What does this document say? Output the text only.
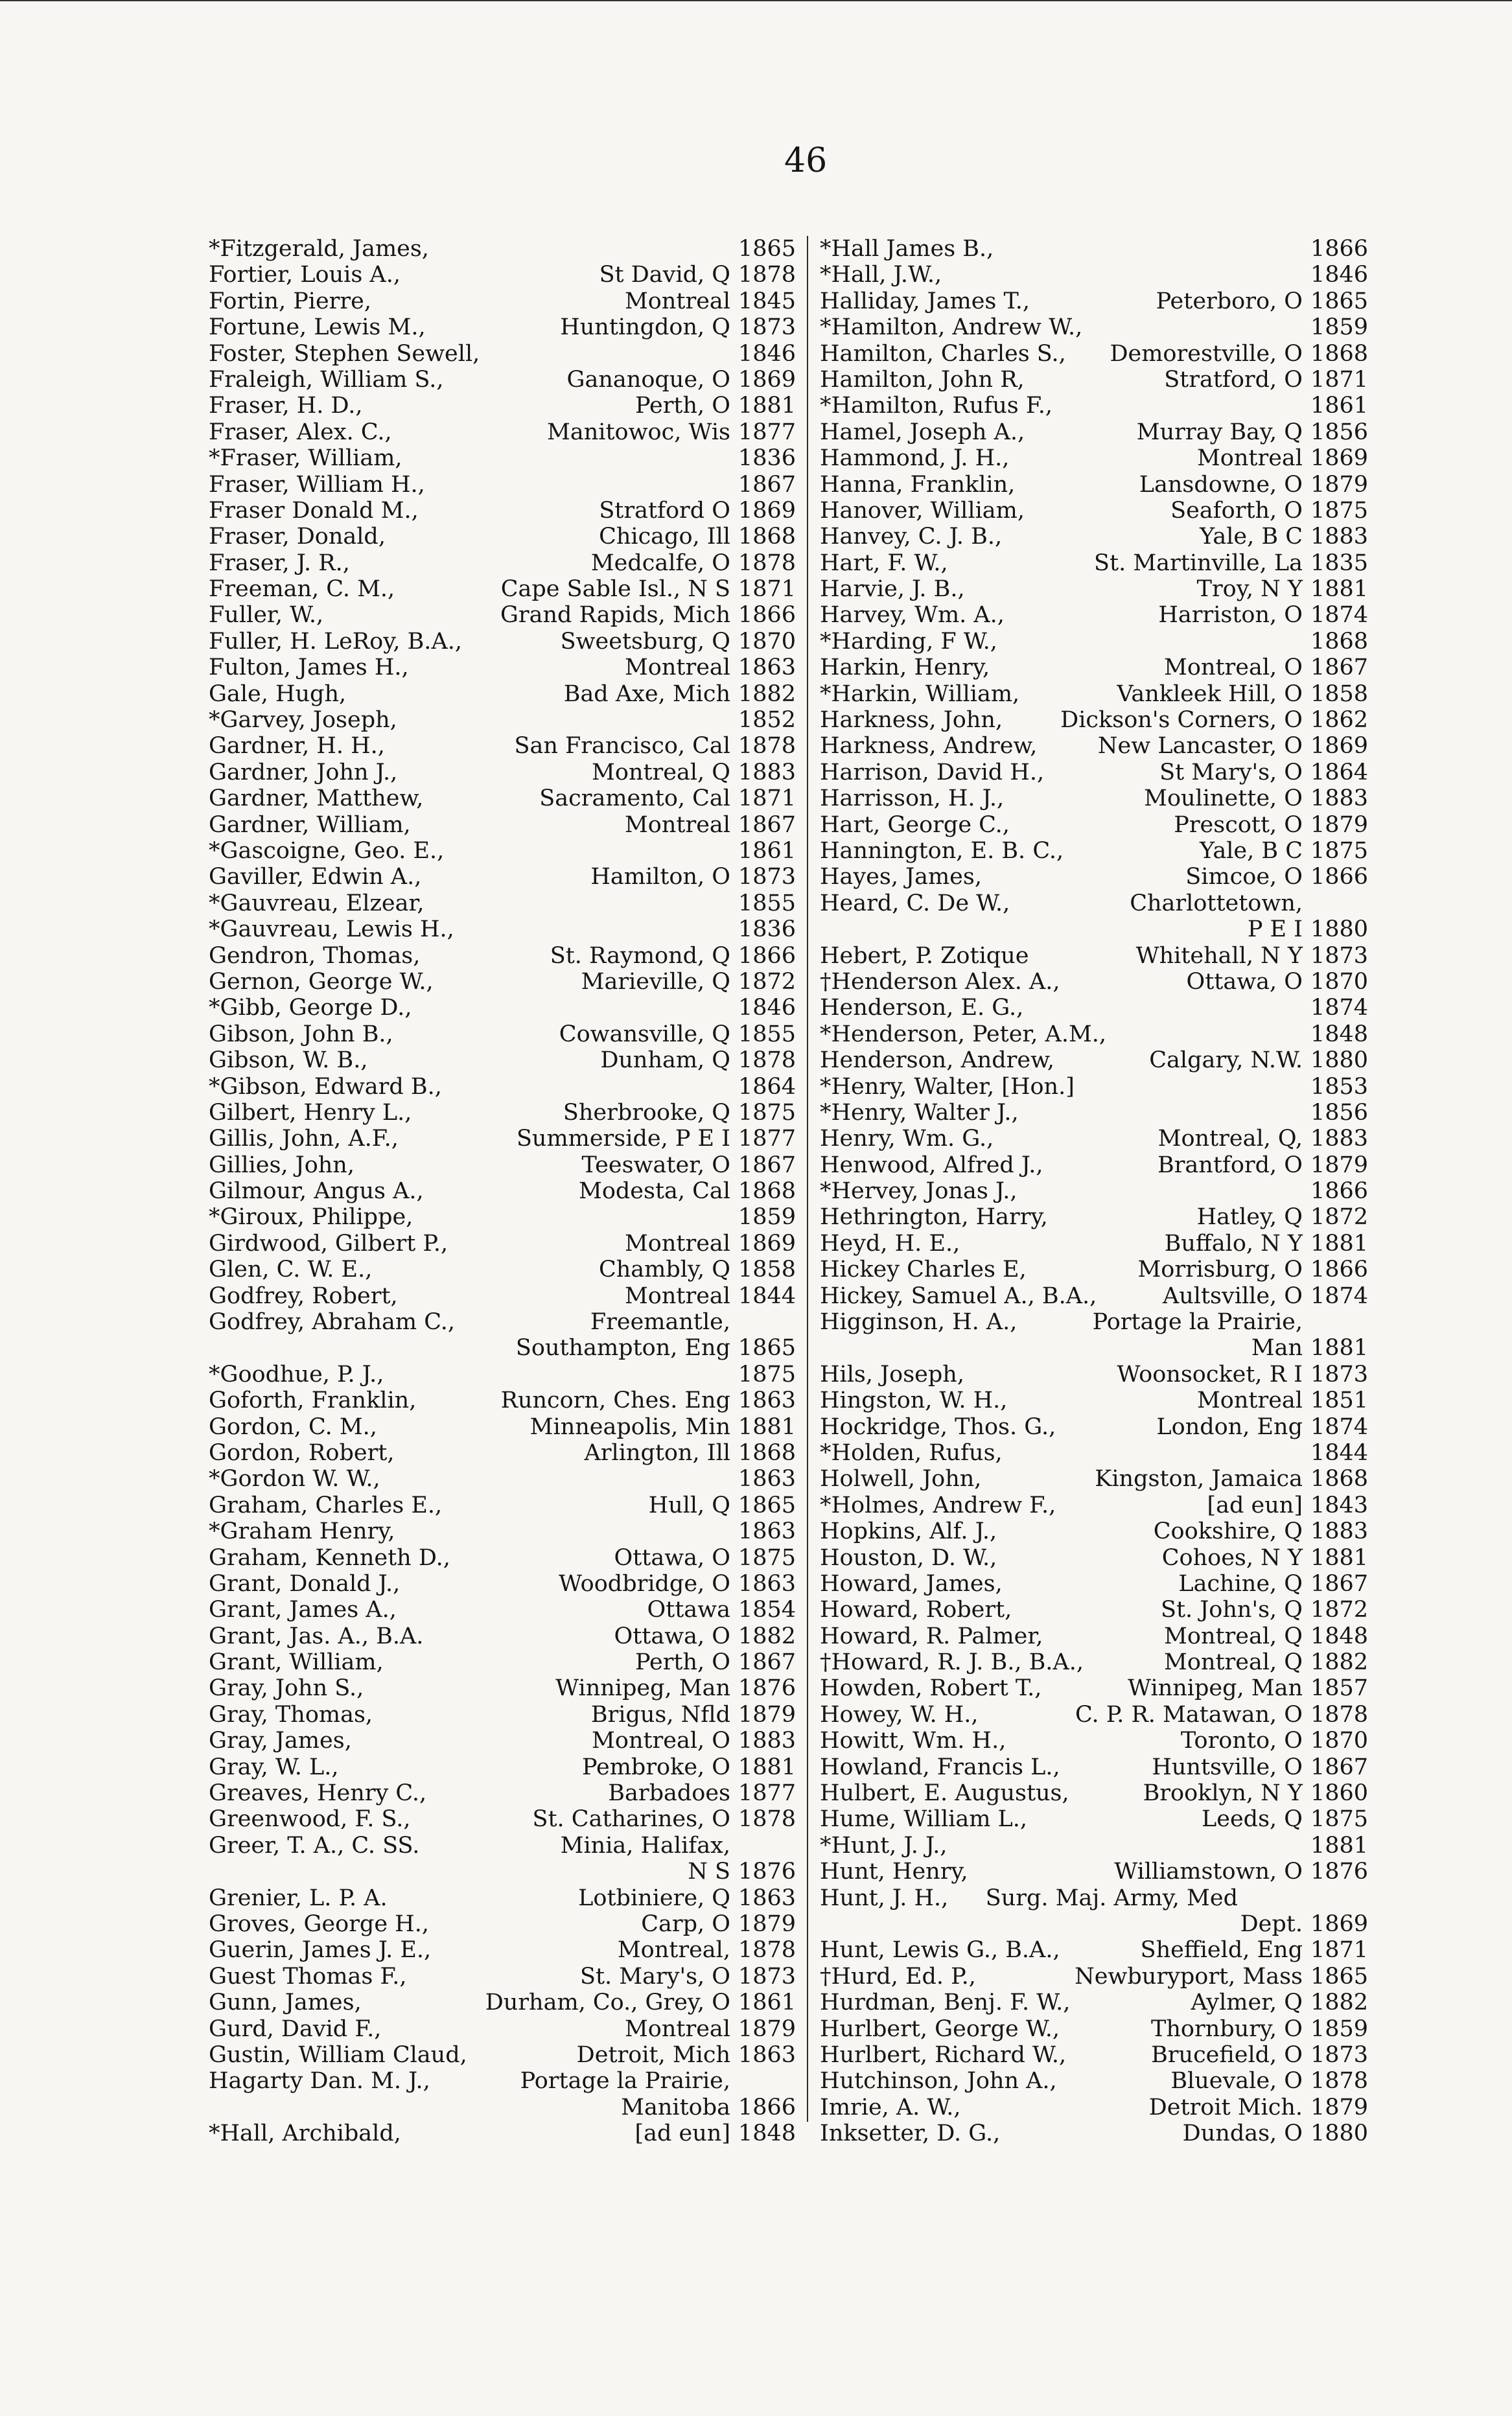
46
*Fitzgerald, James,	1865
Fortier, Louis A.,	St David, Q 1878
Fortin, Pierre,	Montreal 1845
Fortune, Lewis M.,	Huntingdon, Q 1873
Foster, Stephen Sewell,	1846
Fraleigh, William S.,	Gananoque, O 1869
Fraser, H. D.,	Perth, O 1881
Fraser, Alex. C.,	Manitowoc, Wis 1877
*Fraser, William,	1836
Fraser, William H.,	1867
Fraser Donald M.,	Stratford O 1869
Fraser, Donald,	Chicago, Ill 1868
Fraser, J. R.,	Medcalfe, O 1878
Freeman, C. M.,	Cape Sable Isl., N S 1871
Fuller, W.,	Grand Rapids, Mich 1866
Fuller, H. LeRoy, B.A.,	Sweetsburg, Q 1870
Fulton, James H.,	Montreal 1863
Gale, Hugh,	Bad Axe, Mich 1882
*Garvey, Joseph,	1852
Gardner, H. H.,	San Francisco, Cal 1878
Gardner, John J.,	Montreal, Q 1883
Gardner, Matthew,	Sacramento, Cal 1871
Gardner, William,	Montreal 1867
*Gascoigne, Geo. E.,	1861
Gaviller, Edwin A.,	Hamilton, O 1873
*Gauvreau, Elzear,	1855
*Gauvreau, Lewis H.,	1836
Gendron, Thomas,	St. Raymond, Q 1866
Gernon, George W.,	Marieville, Q 1872
*Gibb, George D.,	1846
Gibson, John B.,	Cowansville, Q 1855
Gibson, W. B.,	Dunham, Q 1878
*Gibson, Edward B.,	1864
Gilbert, Henry L.,	Sherbrooke, Q 1875
Gillis, John, A.F.,	Summerside, P E I 1877
Gillies, John,	Teeswater, O 1867
Gilmour, Angus A.,	Modesta, Cal 1868
*Giroux, Philippe,	1859
Girdwood, Gilbert P.,	Montreal 1869
Glen, C. W. E.,	Chambly, Q 1858
Godfrey, Robert,	Montreal 1844
Godfrey, Abraham C.,	Freemantle,
Southampton, Eng 1865
*Goodhue, P. J.,	1875
Goforth, Franklin,	Runcorn, Ches. Eng 1863
Gordon, C. M.,	Minneapolis, Min 1881
Gordon, Robert,	Arlington, Ill 1868
*Gordon W. W.,	1863
Graham, Charles E.,	Hull, Q 1865
*Graham Henry,	1863
Graham, Kenneth D.,	Ottawa, O 1875
Grant, Donald J.,	Woodbridge, O 1863
Grant, James A.,	Ottawa 1854
Grant, Jas. A., B.A.	Ottawa, O 1882
Grant, William,	Perth, O 1867
Gray, John S.,	Winnipeg, Man 1876
Gray, Thomas,	Brigus, Nfld 1879
Gray, James,	Montreal, O 1883
Gray, W. L.,	Pembroke, O 1881
Greaves, Henry C.,	Barbadoes 1877
Greenwood, F. S.,	St. Catharines, O 1878
Greer, T. A., C. SS.	Minia, Halifax,
N S 1876
Grenier, L. P. A.	Lotbiniere, Q 1863
Groves, George H.,	Carp, O 1879
Guerin, James J. E.,	Montreal, 1878
Guest Thomas F.,	St. Mary's, O 1873
Gunn, James,	Durham, Co., Grey, O 1861
Gurd, David F.,	Montreal 1879
Gustin, William Claud,	Detroit, Mich 1863
Hagarty Dan. M. J.,	Portage la Prairie,
Manitoba 1866
*Hall, Archibald,	[ad eun] 1848
*Hall James B.,	1866
*Hall, J.W.,	1846
Halliday, James T.,	Peterboro, O 1865
*Hamilton, Andrew W.,	1859
Hamilton, Charles S., Demorestville, O 1868
Hamilton, John R,	Stratford, O 1871
*Hamilton, Rufus F.,	1861
Hamel, Joseph A.,	Murray Bay, Q 1856
Hammond, J. H.,	Montreal 1869
Hanna, Franklin,	Lansdowne, O 1879
Hanover, William,	Seaforth, O 1875
Hanvey, C. J. B.,	Yale, B C 1883
Hart, F. W.,	St. Martinville, La 1835
Harvie, J. B.,	Troy, N Y 1881
Harvey, Wm. A.,	Harriston, O 1874
*Harding, F W.,	1868
Harkin, Henry,	Montreal, O 1867
*Harkin, William,	Vankleek Hill, O 1858
Harkness, John,	Dickson's Corners, O 1862
Harkness, Andrew,	New Lancaster, O 1869
Harrison, David H.,	St Mary's, O 1864
Harrisson, H. J.,	Moulinette, O 1883
Hart, George C.,	Prescott, O 1879
Hannington, E. B. C.,	Yale, B C 1875
Hayes, James,	Simcoe, O 1866
Heard, C. De W.,	Charlottetown,
P E I 1880
Hebert, P. Zotique	Whitehall, N Y 1873
†Henderson Alex. A.,	Ottawa, O 1870
Henderson, E. G.,	1874
*Henderson, Peter, A.M.,	1848
Henderson, Andrew,	Calgary, N.W. 1880
*Henry, Walter, [Hon.]	1853
*Henry, Walter J.,	1856
Henry, Wm. G.,	Montreal, Q, 1883
Henwood, Alfred J.,	Brantford, O 1879
*Hervey, Jonas J.,	1866
Hethrington, Harry,	Hatley, Q 1872
Heyd, H. E.,	Buffalo, N Y 1881
Hickey Charles E,	Morrisburg, O 1866
Hickey, Samuel A., B.A.,	Aultsville, O 1874
Higginson, H. A.,	Portage la Prairie,
Man 1881
Hils, Joseph,	Woonsocket, R I 1873
Hingston, W. H.,	Montreal 1851
Hockridge, Thos. G.,	London, Eng 1874
*Holden, Rufus,	1844
Holwell, John,	Kingston, Jamaica 1868
*Holmes, Andrew F.,	[ad eun] 1843
Hopkins, Alf. J.,	Cookshire, Q 1883
Houston, D. W.,	Cohoes, N Y 1881
Howard, James,	Lachine, Q 1867
Howard, Robert,	St. John's, Q 1872
Howard, R. Palmer,	Montreal, Q 1848
†Howard, R. J. B., B.A.,	Montreal, Q 1882
Howden, Robert T.,	Winnipeg, Man 1857
Howey, W. H.,	C. P. R. Matawan, O 1878
Howitt, Wm. H.,	Toronto, O 1870
Howland, Francis L.,	Huntsville, O 1867
Hulbert, E. Augustus,	Brooklyn, N Y 1860
Hume, William L.,	Leeds, Q 1875
*Hunt, J. J.,	1881
Hunt, Henry,	Williamstown, O 1876
Hunt, J. H., Surg. Maj. Army, Med
Dept. 1869
Hunt, Lewis G., B.A.,	Sheffield, Eng 1871
†Hurd, Ed. P.,	Newburyport, Mass 1865
Hurdman, Benj. F. W.,	Aylmer, Q 1882
Hurlbert, George W.,	Thornbury, O 1859
Hurlbert, Richard W.,	Brucefield, O 1873
Hutchinson, John A.,	Bluevale, O 1878
Imrie, A. W.,	Detroit Mich. 1879
Inksetter, D. G.,	Dundas, O 1880
